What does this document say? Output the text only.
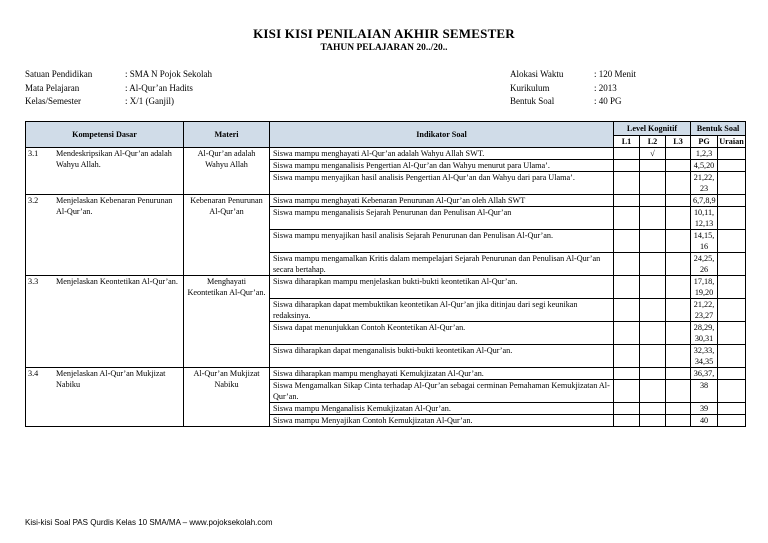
KISI KISI PENILAIAN AKHIR SEMESTER
TAHUN PELAJARAN 20../20..
Satuan Pendidikan	: SMA N Pojok Sekolah
Mata Pelajaran	: Al-Qur’an Hadits
Kelas/Semester	: X/1 (Ganjil)
Alokasi Waktu	: 120 Menit
Kurikulum	: 2013
Bentuk Soal	: 40 PG
Kompetensi Dasar	Materi	Indikator Soal	Level Kognitif			Bentuk Soal	
			L1	L2	L3	PG	Uraian

3.1 Mendeskripsikan Al-Qur’an adalah Wahyu Allah.	Al-Qur’an adalah Wahyu Allah	Siswa mampu menghayati Al-Qur’an adalah Wahyu Allah SWT.		√		1,2,3	
		Siswa mampu menganalisis Pengertian Al-Qur’an dan Wahyu menurut para Ulama’.				4,5,20	
		Siswa mampu menyajikan hasil analisis Pengertian Al-Qur’an dan Wahyu dari para Ulama’.				21,22, 23	

3.2 Menjelaskan Kebenaran Penurunan Al-Qur’an.	Kebenaran Penurunan Al-Qur’an	Siswa mampu menghayati Kebenaran Penurunan Al-Qur’an oleh Allah SWT				6,7,8,9	
		Siswa mampu menganalisis Sejarah Penurunan dan Penulisan Al-Qur’an				10,11, 12,13	
		Siswa mampu menyajikan hasil analisis Sejarah Penurunan dan Penulisan Al-Qur’an.				14,15, 16	
		Siswa mampu mengamalkan Kritis dalam mempelajari Sejarah Penurunan dan Penulisan Al-Qur’an secara bertahap.				24,25, 26	

3.3 Menjelaskan Keontetikan Al-Qur’an.	Menghayati Keontetikan Al-Qur’an.	Siswa diharapkan mampu menjelaskan bukti-bukti keontetikan Al-Qur’an.				17,18, 19,20	
		Siswa diharapkan dapat membuktikan keontetikan Al-Qur’an jika ditinjau dari segi keunikan redaksinya.				21,22, 23,27	
		Siswa dapat menunjukkan Contoh Keontetikan Al-Qur’an.				28,29, 30,31	
		Siswa diharapkan dapat menganalisis bukti-bukti keontetikan Al-Qur’an.				32,33, 34,35	

3.4 Menjelaskan Al-Qur’an Mukjizat Nabiku	Al-Qur’an Mukjizat Nabiku	Siswa diharapkan mampu menghayati Kemukjizatan Al-Qur’an.				36,37,	
		Siswa Mengamalkan Sikap Cinta terhadap Al-Qur’an sebagai cerminan Pemahaman Kemukjizatan Al-Qur’an.				38	
		Siswa mampu Menganalisis Kemukjizatan Al-Qur’an.				39	
		Siswa mampu Menyajikan Contoh Kemukjizatan Al-Qur’an.				40	
Kisi-kisi Soal PAS Qurdis Kelas 10 SMA/MA – www.pojoksekolah.com
